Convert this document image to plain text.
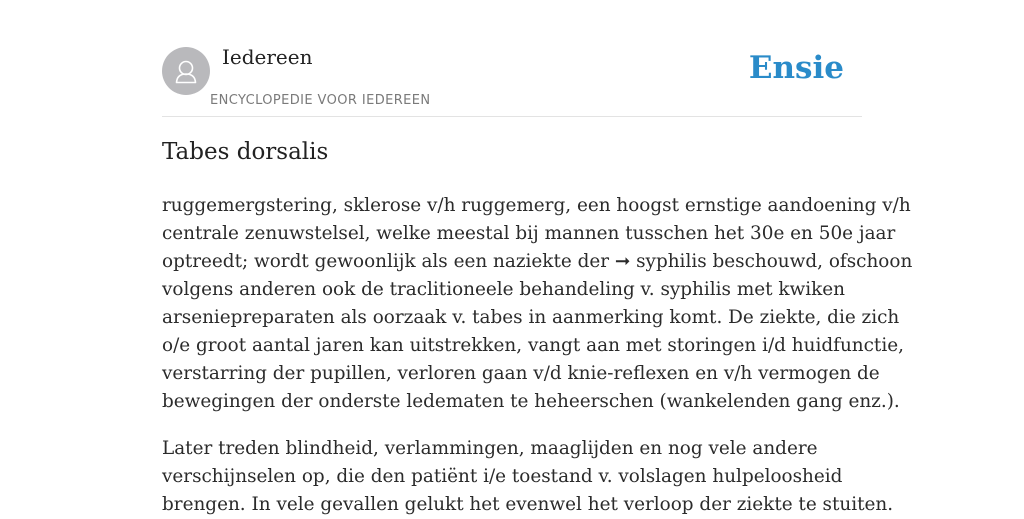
Iedereen
ENCYCLOPEDIE VOOR IEDEREEN
Ensie
Tabes dorsalis

ruggemergstering, sklerose v/h ruggemerg, een hoogst ernstige aandoening v/h
centrale zenuwstelsel, welke meestal bij mannen tusschen het 30e en 50e jaar
optreedt; wordt gewoonlijk als een naziekte der ➞ syphilis beschouwd, ofschoon
volgens anderen ook de traclitioneele behandeling v. syphilis met kwiken
arseniepreparaten als oorzaak v. tabes in aanmerking komt. De ziekte, die zich
o/e groot aantal jaren kan uitstrekken, vangt aan met storingen i/d huidfunctie,
verstarring der pupillen, verloren gaan v/d knie-reflexen en v/h vermogen de
bewegingen der onderste ledematen te heheerschen (wankelenden gang enz.).

Later treden blindheid, verlammingen, maaglijden en nog vele andere
verschijnselen op, die den patiënt i/e toestand v. volslagen hulpeloosheid
brengen. In vele gevallen gelukt het evenwel het verloop der ziekte te stuiten.
